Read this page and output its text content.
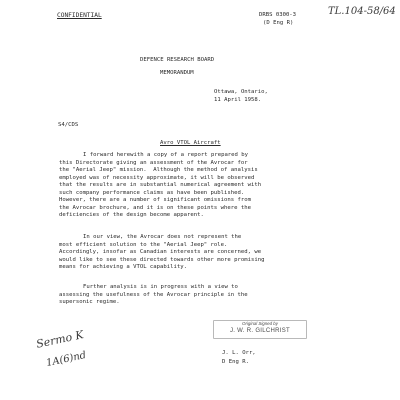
CONFIDENTIAL	DRBS 0300-3
(D Eng R)
TL.104-58/64
DEFENCE RESEARCH BOARD
MEMORANDUM
Ottawa, Ontario,
11 April 1958.
S4/CDS
Avro VTOL Aircraft
I forward herewith a copy of a report prepared by
this Directorate giving an assessment of the Avrocar for
the "Aerial Jeep" mission.  Although the method of analysis
employed was of necessity approximate, it will be observed
that the results are in substantial numerical agreement with
such company performance claims as have been published.
However, there are a number of significant omissions from
the Avrocar brochure, and it is on these points where the
deficiencies of the design become apparent.
In our view, the Avrocar does not represent the
most efficient solution to the "Aerial Jeep" role.
Accordingly, insofar as Canadian interests are concerned, we
would like to see these directed towards other more promising
means for achieving a VTOL capability.
Further analysis is in progress with a view to
assessing the usefulness of the Avrocar principle in the
supersonic regime.
Original Signed by
J. W. R. GILCHRIST
J. L. Orr,
D Eng R.
Sermo K
1A(6)nd
